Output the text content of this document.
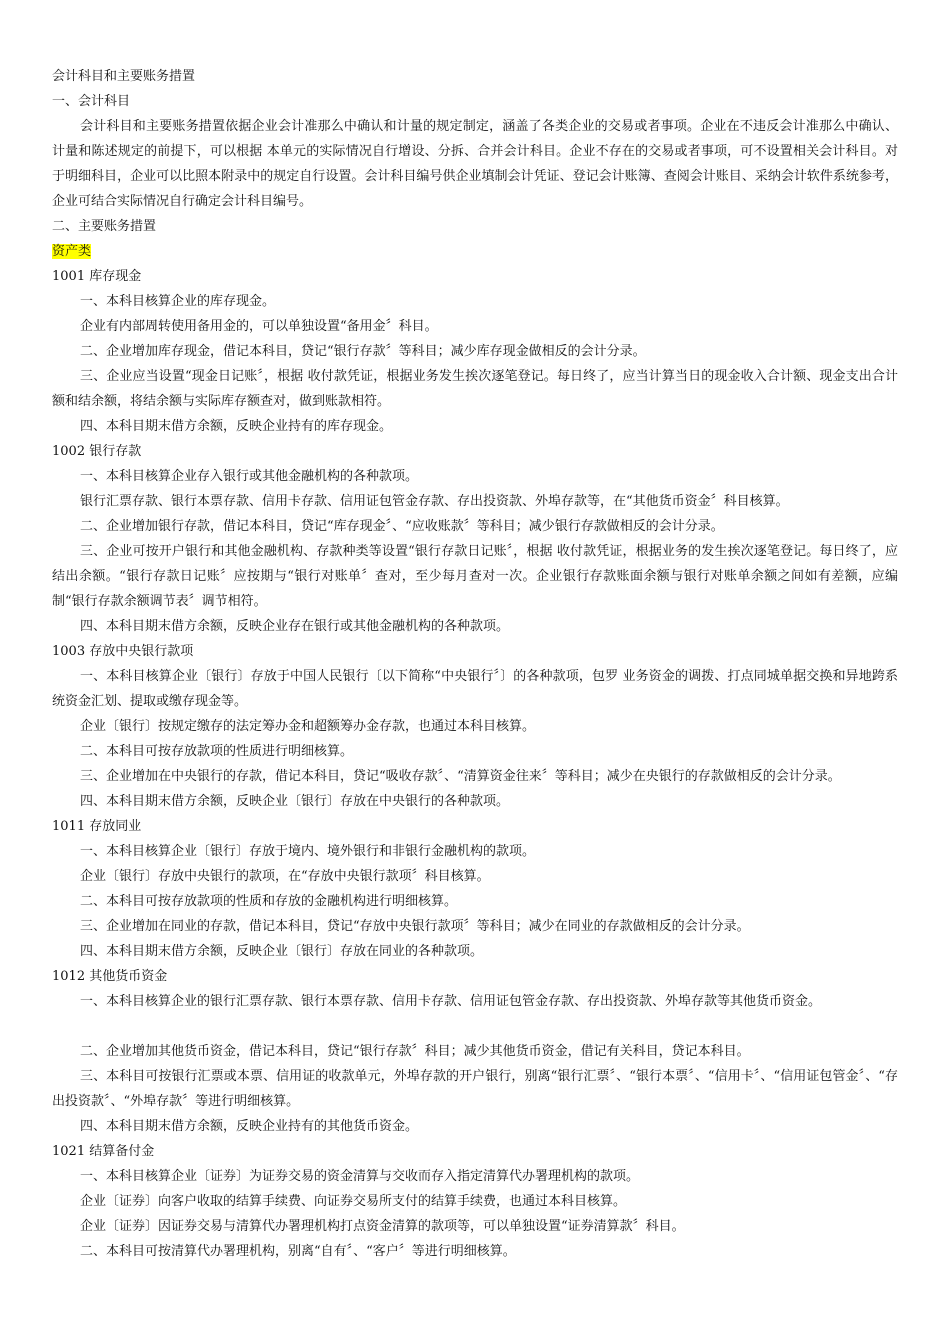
会计科目和主要账务措置
一、会计科目

会计科目和主要账务措置依据企业会计准那么中确认和计量的规定制定，涵盖了各类企业的交易或者事项。企业在不违反会计准那么中确认、计量和陈述规定的前提下，可以根据 本单元的实际情况自行增设、分拆、合并会计科目。企业不存在的交易或者事项，可不设置相关会计科目。对于明细科目，企业可以比照本附录中的规定自行设置。会计科目编号供企业填制会计凭证、登记会计账簿、查阅会计账目、采纳会计软件系统参考，企业可结合实际情况自行确定会计科目编号。

二、主要账务措置
资产类
1001 库存现金

一、本科目核算企业的库存现金。

企业有内部周转使用备用金的，可以单独设置“备用金〞科目。

二、企业增加库存现金，借记本科目，贷记“银行存款〞等科目；减少库存现金做相反的会计分录。

三、企业应当设置“现金日记账〞，根据 收付款凭证，根据业务发生挨次逐笔登记。每日终了，应当计算当日的现金收入合计额、现金支出合计额和结余额，将结余额与实际库存额查对，做到账款相符。

四、本科目期末借方余额，反映企业持有的库存现金。

1002 银行存款

一、本科目核算企业存入银行或其他金融机构的各种款项。

银行汇票存款、银行本票存款、信用卡存款、信用证包管金存款、存出投资款、外埠存款等，在“其他货币资金〞科目核算。

二、企业增加银行存款，借记本科目，贷记“库存现金〞、“应收账款〞等科目；减少银行存款做相反的会计分录。

三、企业可按开户银行和其他金融机构、存款种类等设置“银行存款日记账〞，根据 收付款凭证，根据业务的发生挨次逐笔登记。每日终了，应结出余额。“银行存款日记账〞应按期与“银行对账单〞查对，至少每月查对一次。企业银行存款账面余额与银行对账单余额之间如有差额，应编制“银行存款余额调节表〞调节相符。

四、本科目期末借方余额，反映企业存在银行或其他金融机构的各种款项。

1003 存放中央银行款项

一、本科目核算企业〔银行〕存放于中国人民银行〔以下简称“中央银行〞〕的各种款项，包罗 业务资金的调拨、打点同城单据交换和异地跨系统资金汇划、提取或缴存现金等。

企业〔银行〕按规定缴存的法定筹办金和超额筹办金存款，也通过本科目核算。

二、本科目可按存放款项的性质进行明细核算。

三、企业增加在中央银行的存款，借记本科目，贷记“吸收存款〞、“清算资金往来〞等科目；减少在央银行的存款做相反的会计分录。

四、本科目期末借方余额，反映企业〔银行〕存放在中央银行的各种款项。

1011 存放同业

一、本科目核算企业〔银行〕存放于境内、境外银行和非银行金融机构的款项。

企业〔银行〕存放中央银行的款项，在“存放中央银行款项〞科目核算。

二、本科目可按存放款项的性质和存放的金融机构进行明细核算。

三、企业增加在同业的存款，借记本科目，贷记“存放中央银行款项〞等科目；减少在同业的存款做相反的会计分录。

四、本科目期末借方余额，反映企业〔银行〕存放在同业的各种款项。

1012 其他货币资金

一、本科目核算企业的银行汇票存款、银行本票存款、信用卡存款、信用证包管金存款、存出投资款、外埠存款等其他货币资金。

二、企业增加其他货币资金，借记本科目，贷记“银行存款〞科目；减少其他货币资金，借记有关科目，贷记本科目。

三、本科目可按银行汇票或本票、信用证的收款单元，外埠存款的开户银行，别离“银行汇票〞、“银行本票〞、“信用卡〞、“信用证包管金〞、“存出投资款〞、“外埠存款〞等进行明细核算。

四、本科目期末借方余额，反映企业持有的其他货币资金。

1021 结算备付金

一、本科目核算企业〔证券〕为证券交易的资金清算与交收而存入指定清算代办署理机构的款项。

企业〔证券〕向客户收取的结算手续费、向证券交易所支付的结算手续费，也通过本科目核算。

企业〔证券〕因证券交易与清算代办署理机构打点资金清算的款项等，可以单独设置“证券清算款〞科目。

二、本科目可按清算代办署理机构，别离“自有〞、“客户〞等进行明细核算。
